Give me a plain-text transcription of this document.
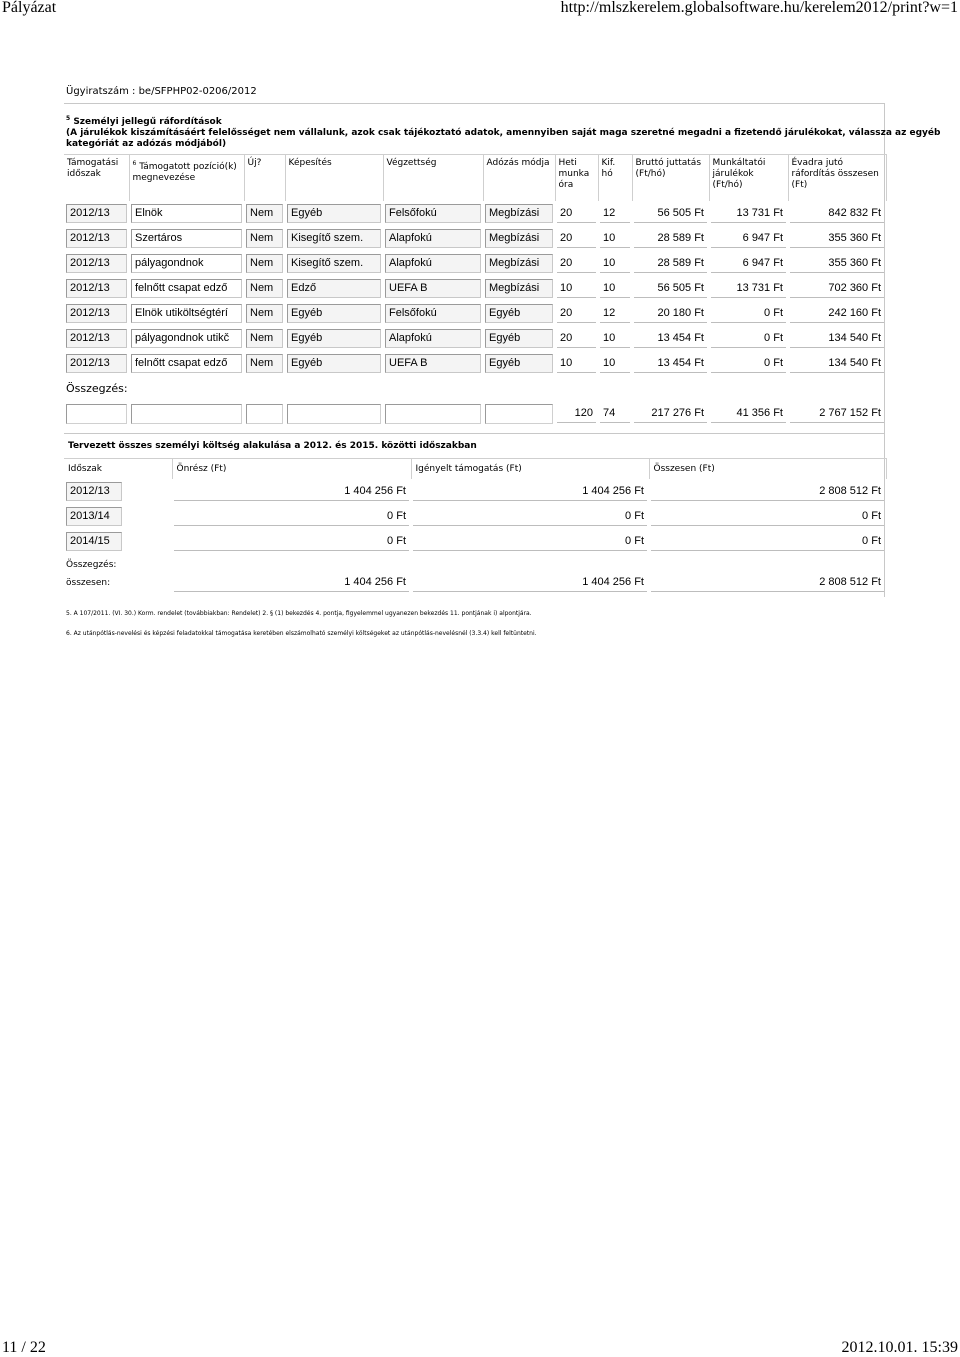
Pályázat	http://mlszkerelem.globalsoftware.hu/kerelem2012/print?w=1
Ügyiratszám : be/SFPHP02-0206/2012
$^5$ Személyi jellegű ráfordítások
(A járulékok kiszámításáért felelősséget nem vállalunk, azok csak tájékoztató adatok, amennyiben saját maga szeretné megadni a fizetendő járulékokat, válassza az egyéb kategóriát az adózás módjából)
Támogatási időszak	$^6$ Támogatott pozíció(k) megnevezése	Új?	Képesítés	Végzettség	Adózás módja	Heti munka óra	Kif. hó	Bruttó juttatás (Ft/hó)	Munkáltatói járulékok (Ft/hó)	Évadra jutó ráfordítás összesen (Ft)

2012/13	Elnök	Nem	Egyéb	Felsőfokú	Megbízási	20	12	56 505 Ft	13 731 Ft	842 832 Ft

2012/13	Szertáros	Nem	Kisegítő szem.	Alapfokú	Megbízási	20	10	28 589 Ft	6 947 Ft	355 360 Ft

2012/13	pályagondnok	Nem	Kisegítő szem.	Alapfokú	Megbízási	20	10	28 589 Ft	6 947 Ft	355 360 Ft

2012/13	felnőtt csapat edző	Nem	Edző	UEFA B	Megbízási	10	10	56 505 Ft	13 731 Ft	702 360 Ft

2012/13	Elnök utiköltségtérí	Nem	Egyéb	Felsőfokú	Egyéb	20	12	20 180 Ft	0 Ft	242 160 Ft

2012/13	pályagondnok utikč	Nem	Egyéb	Alapfokú	Egyéb	20	10	13 454 Ft	0 Ft	134 540 Ft

2012/13	felnőtt csapat edző	Nem	Egyéb	UEFA B	Egyéb	10	10	13 454 Ft	0 Ft	134 540 Ft

Összegzés:										

						120	74	217 276 Ft	41 356 Ft	2 767 152 Ft
Tervezett összes személyi költség alakulása a 2012. és 2015. közötti időszakban
Időszak	Önrész (Ft)	Igényelt támogatás (Ft)	Összesen (Ft)

2012/13	1 404 256 Ft	1 404 256 Ft	2 808 512 Ft

2013/14	0 Ft	0 Ft	0 Ft

2014/15	0 Ft	0 Ft	0 Ft

Összegzés:			
összesen:	1 404 256 Ft	1 404 256 Ft	2 808 512 Ft
5. A 107/2011. (VI. 30.) Korm. rendelet (továbbiakban: Rendelet) 2. § (1) bekezdés 4. pontja, figyelemmel ugyanezen bekezdés 11. pontjának i) alpontjára.
6. Az utánpótlás-nevelési és képzési feladatokkal támogatása keretében elszámolható személyi költségeket az utánpótlás-nevelésnél (3.3.4) kell feltüntetni.
11 / 22	2012.10.01. 15:39
